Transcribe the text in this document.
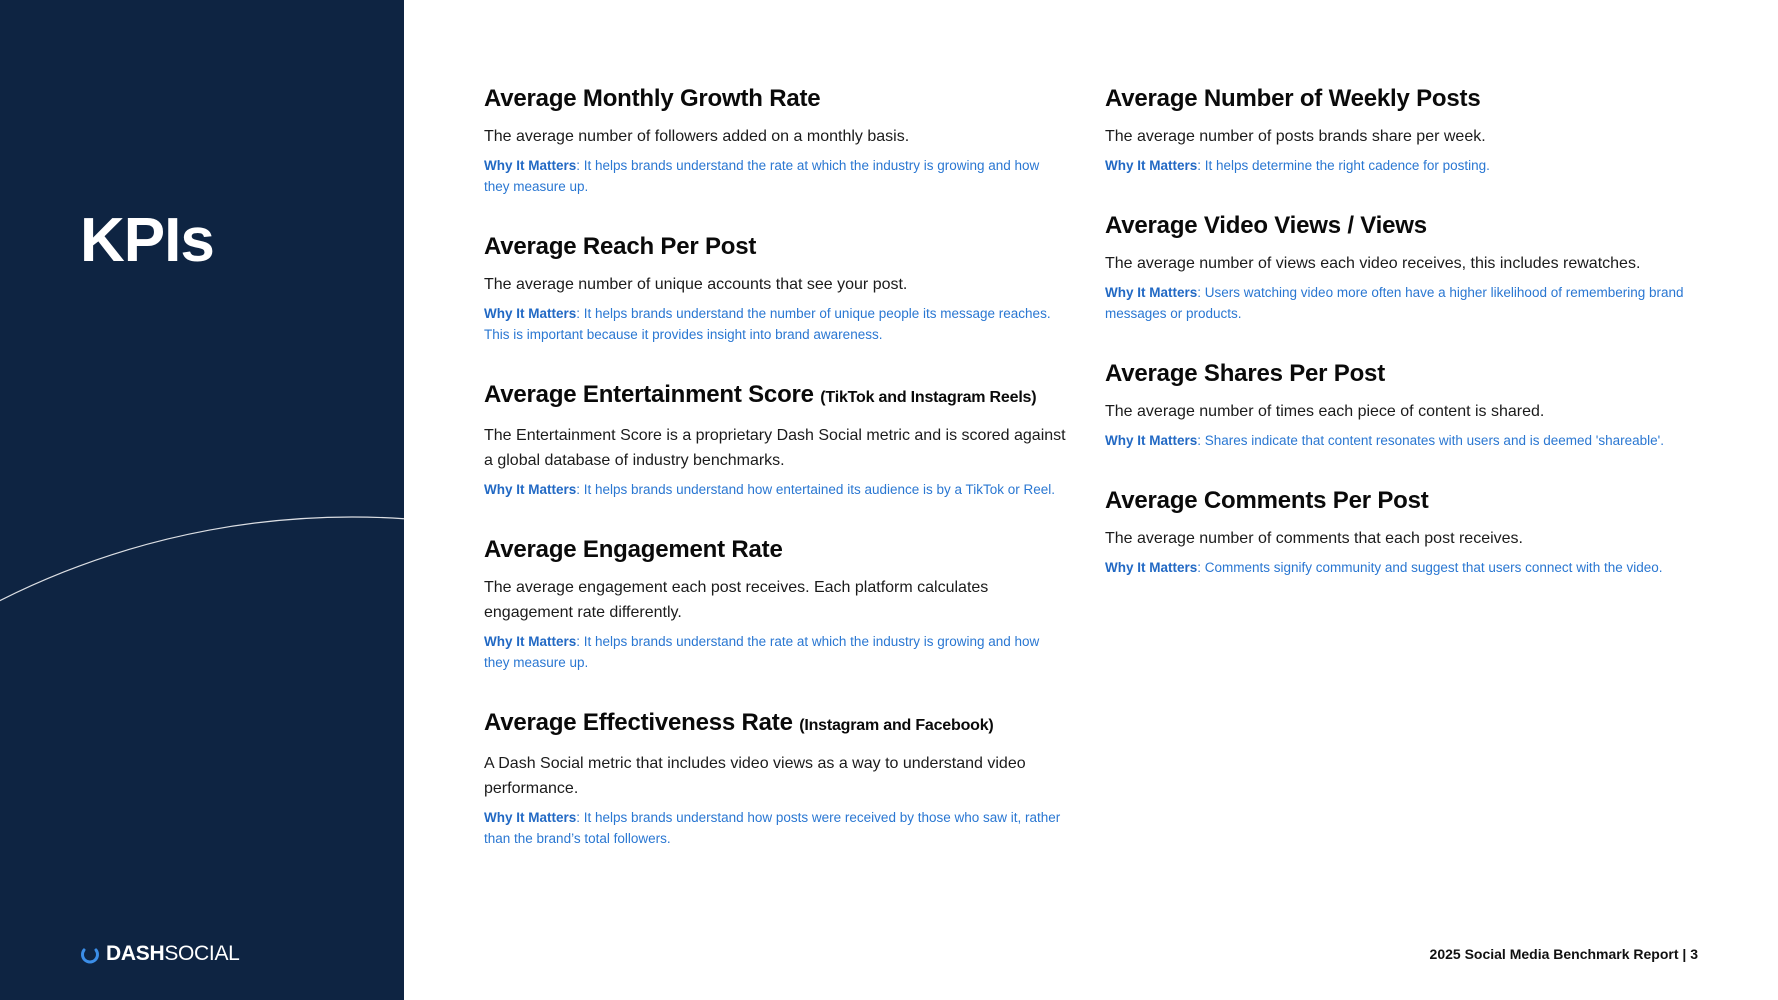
KPIs
DASHSOCIAL
Average Monthly Growth Rate

The average number of followers added on a monthly basis.

Why It Matters: It helps brands understand the rate at which the industry is growing and how they measure up.

Average Reach Per Post

The average number of unique accounts that see your post.

Why It Matters: It helps brands understand the number of unique people its message reaches. This is important because it provides insight into brand awareness.

Average Entertainment Score (TikTok and Instagram Reels)

The Entertainment Score is a proprietary Dash Social metric and is scored against a global database of industry benchmarks.

Why It Matters: It helps brands understand how entertained its audience is by a TikTok or Reel.

Average Engagement Rate

The average engagement each post receives. Each platform calculates engagement rate differently.

Why It Matters: It helps brands understand the rate at which the industry is growing and how they measure up.

Average Effectiveness Rate (Instagram and Facebook)

A Dash Social metric that includes video views as a way to understand video performance.

Why It Matters: It helps brands understand how posts were received by those who saw it, rather than the brand’s total followers.

Average Number of Weekly Posts

The average number of posts brands share per week.

Why It Matters: It helps determine the right cadence for posting.

Average Video Views / Views

The average number of views each video receives, this includes rewatches.

Why It Matters: Users watching video more often have a higher likelihood of remembering brand messages or products.

Average Shares Per Post

The average number of times each piece of content is shared.

Why It Matters: Shares indicate that content resonates with users and is deemed 'shareable'.

Average Comments Per Post

The average number of comments that each post receives.

Why It Matters: Comments signify community and suggest that users connect with the video.

2025 Social Media Benchmark Report | 3
